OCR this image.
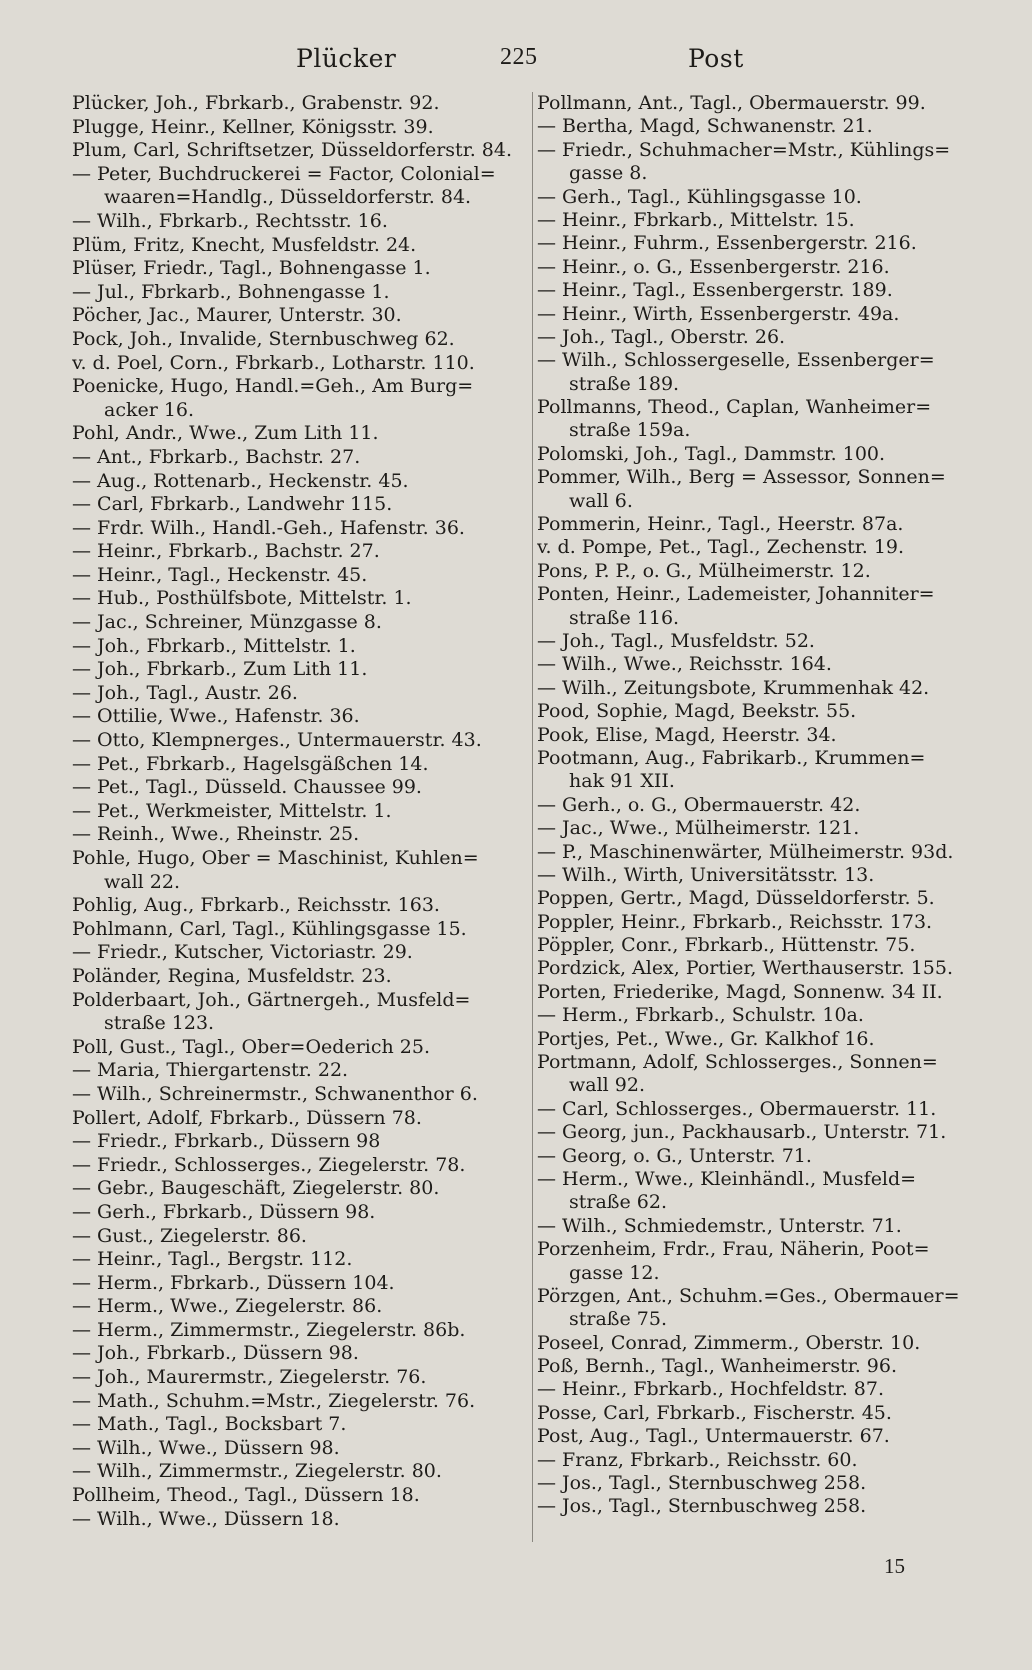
Plücker	225	Post
Plücker, Joh., Fbrkarb., Grabenstr. 92.
Plugge, Heinr., Kellner, Königsstr. 39.
Plum, Carl, Schriftsetzer, Düsseldorferstr. 84.
— Peter, Buchdruckerei = Factor, Colonial=
waaren=Handlg., Düsseldorferstr. 84.
— Wilh., Fbrkarb., Rechtsstr. 16.
Plüm, Fritz, Knecht, Musfeldstr. 24.
Plüser, Friedr., Tagl., Bohnengasse 1.
— Jul., Fbrkarb., Bohnengasse 1.
Pöcher, Jac., Maurer, Unterstr. 30.
Pock, Joh., Invalide, Sternbuschweg 62.
v. d. Poel, Corn., Fbrkarb., Lotharstr. 110.
Poenicke, Hugo, Handl.=Geh., Am Burg=
acker 16.
Pohl, Andr., Wwe., Zum Lith 11.
— Ant., Fbrkarb., Bachstr. 27.
— Aug., Rottenarb., Heckenstr. 45.
— Carl, Fbrkarb., Landwehr 115.
— Frdr. Wilh., Handl.-Geh., Hafenstr. 36.
— Heinr., Fbrkarb., Bachstr. 27.
— Heinr., Tagl., Heckenstr. 45.
— Hub., Posthülfsbote, Mittelstr. 1.
— Jac., Schreiner, Münzgasse 8.
— Joh., Fbrkarb., Mittelstr. 1.
— Joh., Fbrkarb., Zum Lith 11.
— Joh., Tagl., Austr. 26.
— Ottilie, Wwe., Hafenstr. 36.
— Otto, Klempnerges., Untermauerstr. 43.
— Pet., Fbrkarb., Hagelsgäßchen 14.
— Pet., Tagl., Düsseld. Chaussee 99.
— Pet., Werkmeister, Mittelstr. 1.
— Reinh., Wwe., Rheinstr. 25.
Pohle, Hugo, Ober = Maschinist, Kuhlen=
wall 22.
Pohlig, Aug., Fbrkarb., Reichsstr. 163.
Pohlmann, Carl, Tagl., Kühlingsgasse 15.
— Friedr., Kutscher, Victoriastr. 29.
Poländer, Regina, Musfeldstr. 23.
Polderbaart, Joh., Gärtnergeh., Musfeld=
straße 123.
Poll, Gust., Tagl., Ober=Oederich 25.
— Maria, Thiergartenstr. 22.
— Wilh., Schreinermstr., Schwanenthor 6.
Pollert, Adolf, Fbrkarb., Düssern 78.
— Friedr., Fbrkarb., Düssern 98
— Friedr., Schlosserges., Ziegelerstr. 78.
— Gebr., Baugeschäft, Ziegelerstr. 80.
— Gerh., Fbrkarb., Düssern 98.
— Gust., Ziegelerstr. 86.
— Heinr., Tagl., Bergstr. 112.
— Herm., Fbrkarb., Düssern 104.
— Herm., Wwe., Ziegelerstr. 86.
— Herm., Zimmermstr., Ziegelerstr. 86b.
— Joh., Fbrkarb., Düssern 98.
— Joh., Maurermstr., Ziegelerstr. 76.
— Math., Schuhm.=Mstr., Ziegelerstr. 76.
— Math., Tagl., Bocksbart 7.
— Wilh., Wwe., Düssern 98.
— Wilh., Zimmermstr., Ziegelerstr. 80.
Pollheim, Theod., Tagl., Düssern 18.
— Wilh., Wwe., Düssern 18.
Pollmann, Ant., Tagl., Obermauerstr. 99.
— Bertha, Magd, Schwanenstr. 21.
— Friedr., Schuhmacher=Mstr., Kühlings=
gasse 8.
— Gerh., Tagl., Kühlingsgasse 10.
— Heinr., Fbrkarb., Mittelstr. 15.
— Heinr., Fuhrm., Essenbergerstr. 216.
— Heinr., o. G., Essenbergerstr. 216.
— Heinr., Tagl., Essenbergerstr. 189.
— Heinr., Wirth, Essenbergerstr. 49a.
— Joh., Tagl., Oberstr. 26.
— Wilh., Schlossergeselle, Essenberger=
straße 189.
Pollmanns, Theod., Caplan, Wanheimer=
straße 159a.
Polomski, Joh., Tagl., Dammstr. 100.
Pommer, Wilh., Berg = Assessor, Sonnen=
wall 6.
Pommerin, Heinr., Tagl., Heerstr. 87a.
v. d. Pompe, Pet., Tagl., Zechenstr. 19.
Pons, P. P., o. G., Mülheimerstr. 12.
Ponten, Heinr., Lademeister, Johanniter=
straße 116.
— Joh., Tagl., Musfeldstr. 52.
— Wilh., Wwe., Reichsstr. 164.
— Wilh., Zeitungsbote, Krummenhak 42.
Pood, Sophie, Magd, Beekstr. 55.
Pook, Elise, Magd, Heerstr. 34.
Pootmann, Aug., Fabrikarb., Krummen=
hak 91 XII.
— Gerh., o. G., Obermauerstr. 42.
— Jac., Wwe., Mülheimerstr. 121.
— P., Maschinenwärter, Mülheimerstr. 93d.
— Wilh., Wirth, Universitätsstr. 13.
Poppen, Gertr., Magd, Düsseldorferstr. 5.
Poppler, Heinr., Fbrkarb., Reichsstr. 173.
Pöppler, Conr., Fbrkarb., Hüttenstr. 75.
Pordzick, Alex, Portier, Werthauserstr. 155.
Porten, Friederike, Magd, Sonnenw. 34 II.
— Herm., Fbrkarb., Schulstr. 10a.
Portjes, Pet., Wwe., Gr. Kalkhof 16.
Portmann, Adolf, Schlosserges., Sonnen=
wall 92.
— Carl, Schlosserges., Obermauerstr. 11.
— Georg, jun., Packhausarb., Unterstr. 71.
— Georg, o. G., Unterstr. 71.
— Herm., Wwe., Kleinhändl., Musfeld=
straße 62.
— Wilh., Schmiedemstr., Unterstr. 71.
Porzenheim, Frdr., Frau, Näherin, Poot=
gasse 12.
Pörzgen, Ant., Schuhm.=Ges., Obermauer=
straße 75.
Poseel, Conrad, Zimmerm., Oberstr. 10.
Poß, Bernh., Tagl., Wanheimerstr. 96.
— Heinr., Fbrkarb., Hochfeldstr. 87.
Posse, Carl, Fbrkarb., Fischerstr. 45.
Post, Aug., Tagl., Untermauerstr. 67.
— Franz, Fbrkarb., Reichsstr. 60.
— Jos., Tagl., Sternbuschweg 258.
— Jos., Tagl., Sternbuschweg 258.
15
